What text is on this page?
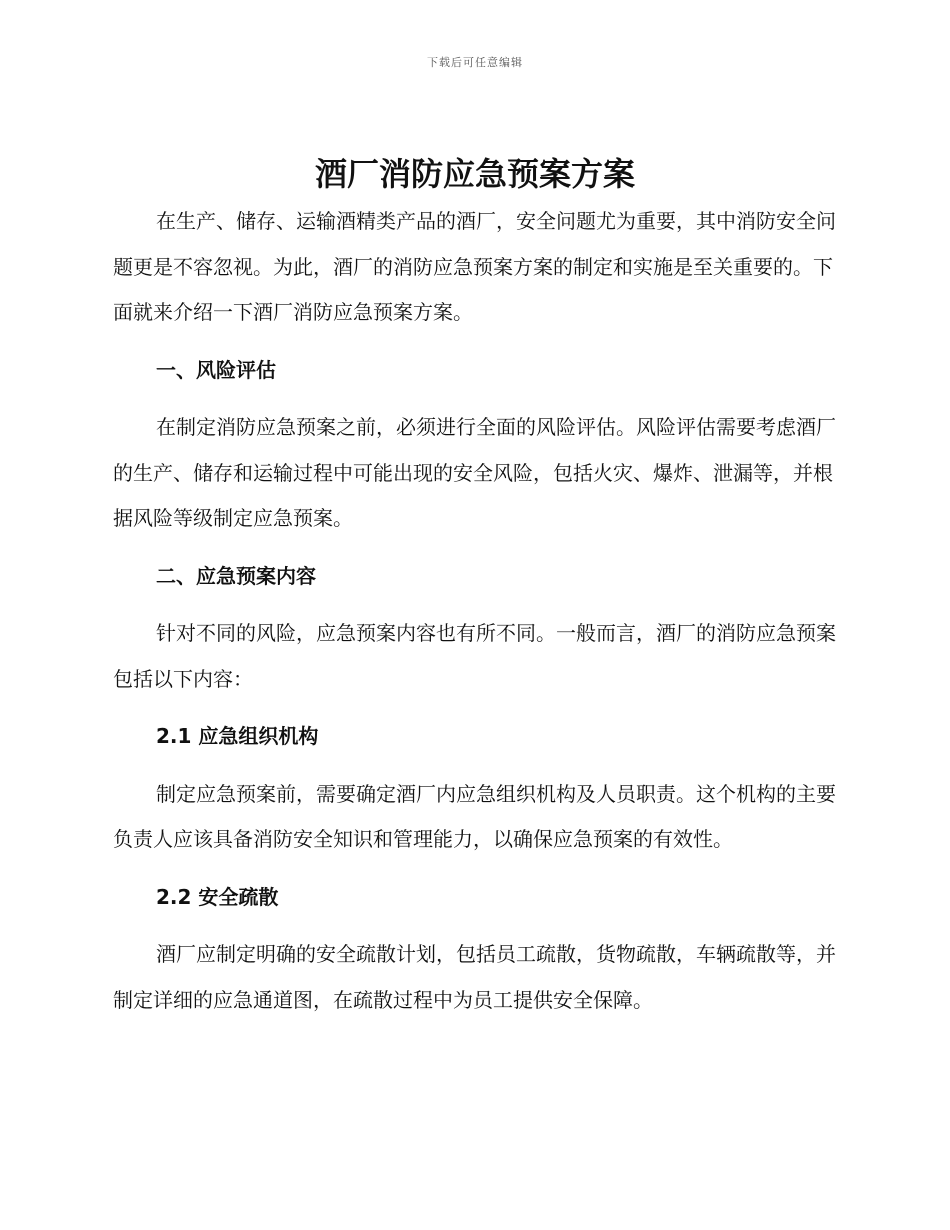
下载后可任意编辑
酒厂消防应急预案方案

在生产、储存、运输酒精类产品的酒厂，安全问题尤为重要，其中消防安全问题更是不容忽视。为此，酒厂的消防应急预案方案的制定和实施是至关重要的。下面就来介绍一下酒厂消防应急预案方案。

一、风险评估

在制定消防应急预案之前，必须进行全面的风险评估。风险评估需要考虑酒厂的生产、储存和运输过程中可能出现的安全风险，包括火灾、爆炸、泄漏等，并根据风险等级制定应急预案。

二、应急预案内容

针对不同的风险，应急预案内容也有所不同。一般而言，酒厂的消防应急预案包括以下内容：

2.1 应急组织机构

制定应急预案前，需要确定酒厂内应急组织机构及人员职责。这个机构的主要负责人应该具备消防安全知识和管理能力，以确保应急预案的有效性。

2.2 安全疏散

酒厂应制定明确的安全疏散计划，包括员工疏散，货物疏散，车辆疏散等，并制定详细的应急通道图，在疏散过程中为员工提供安全保障。
